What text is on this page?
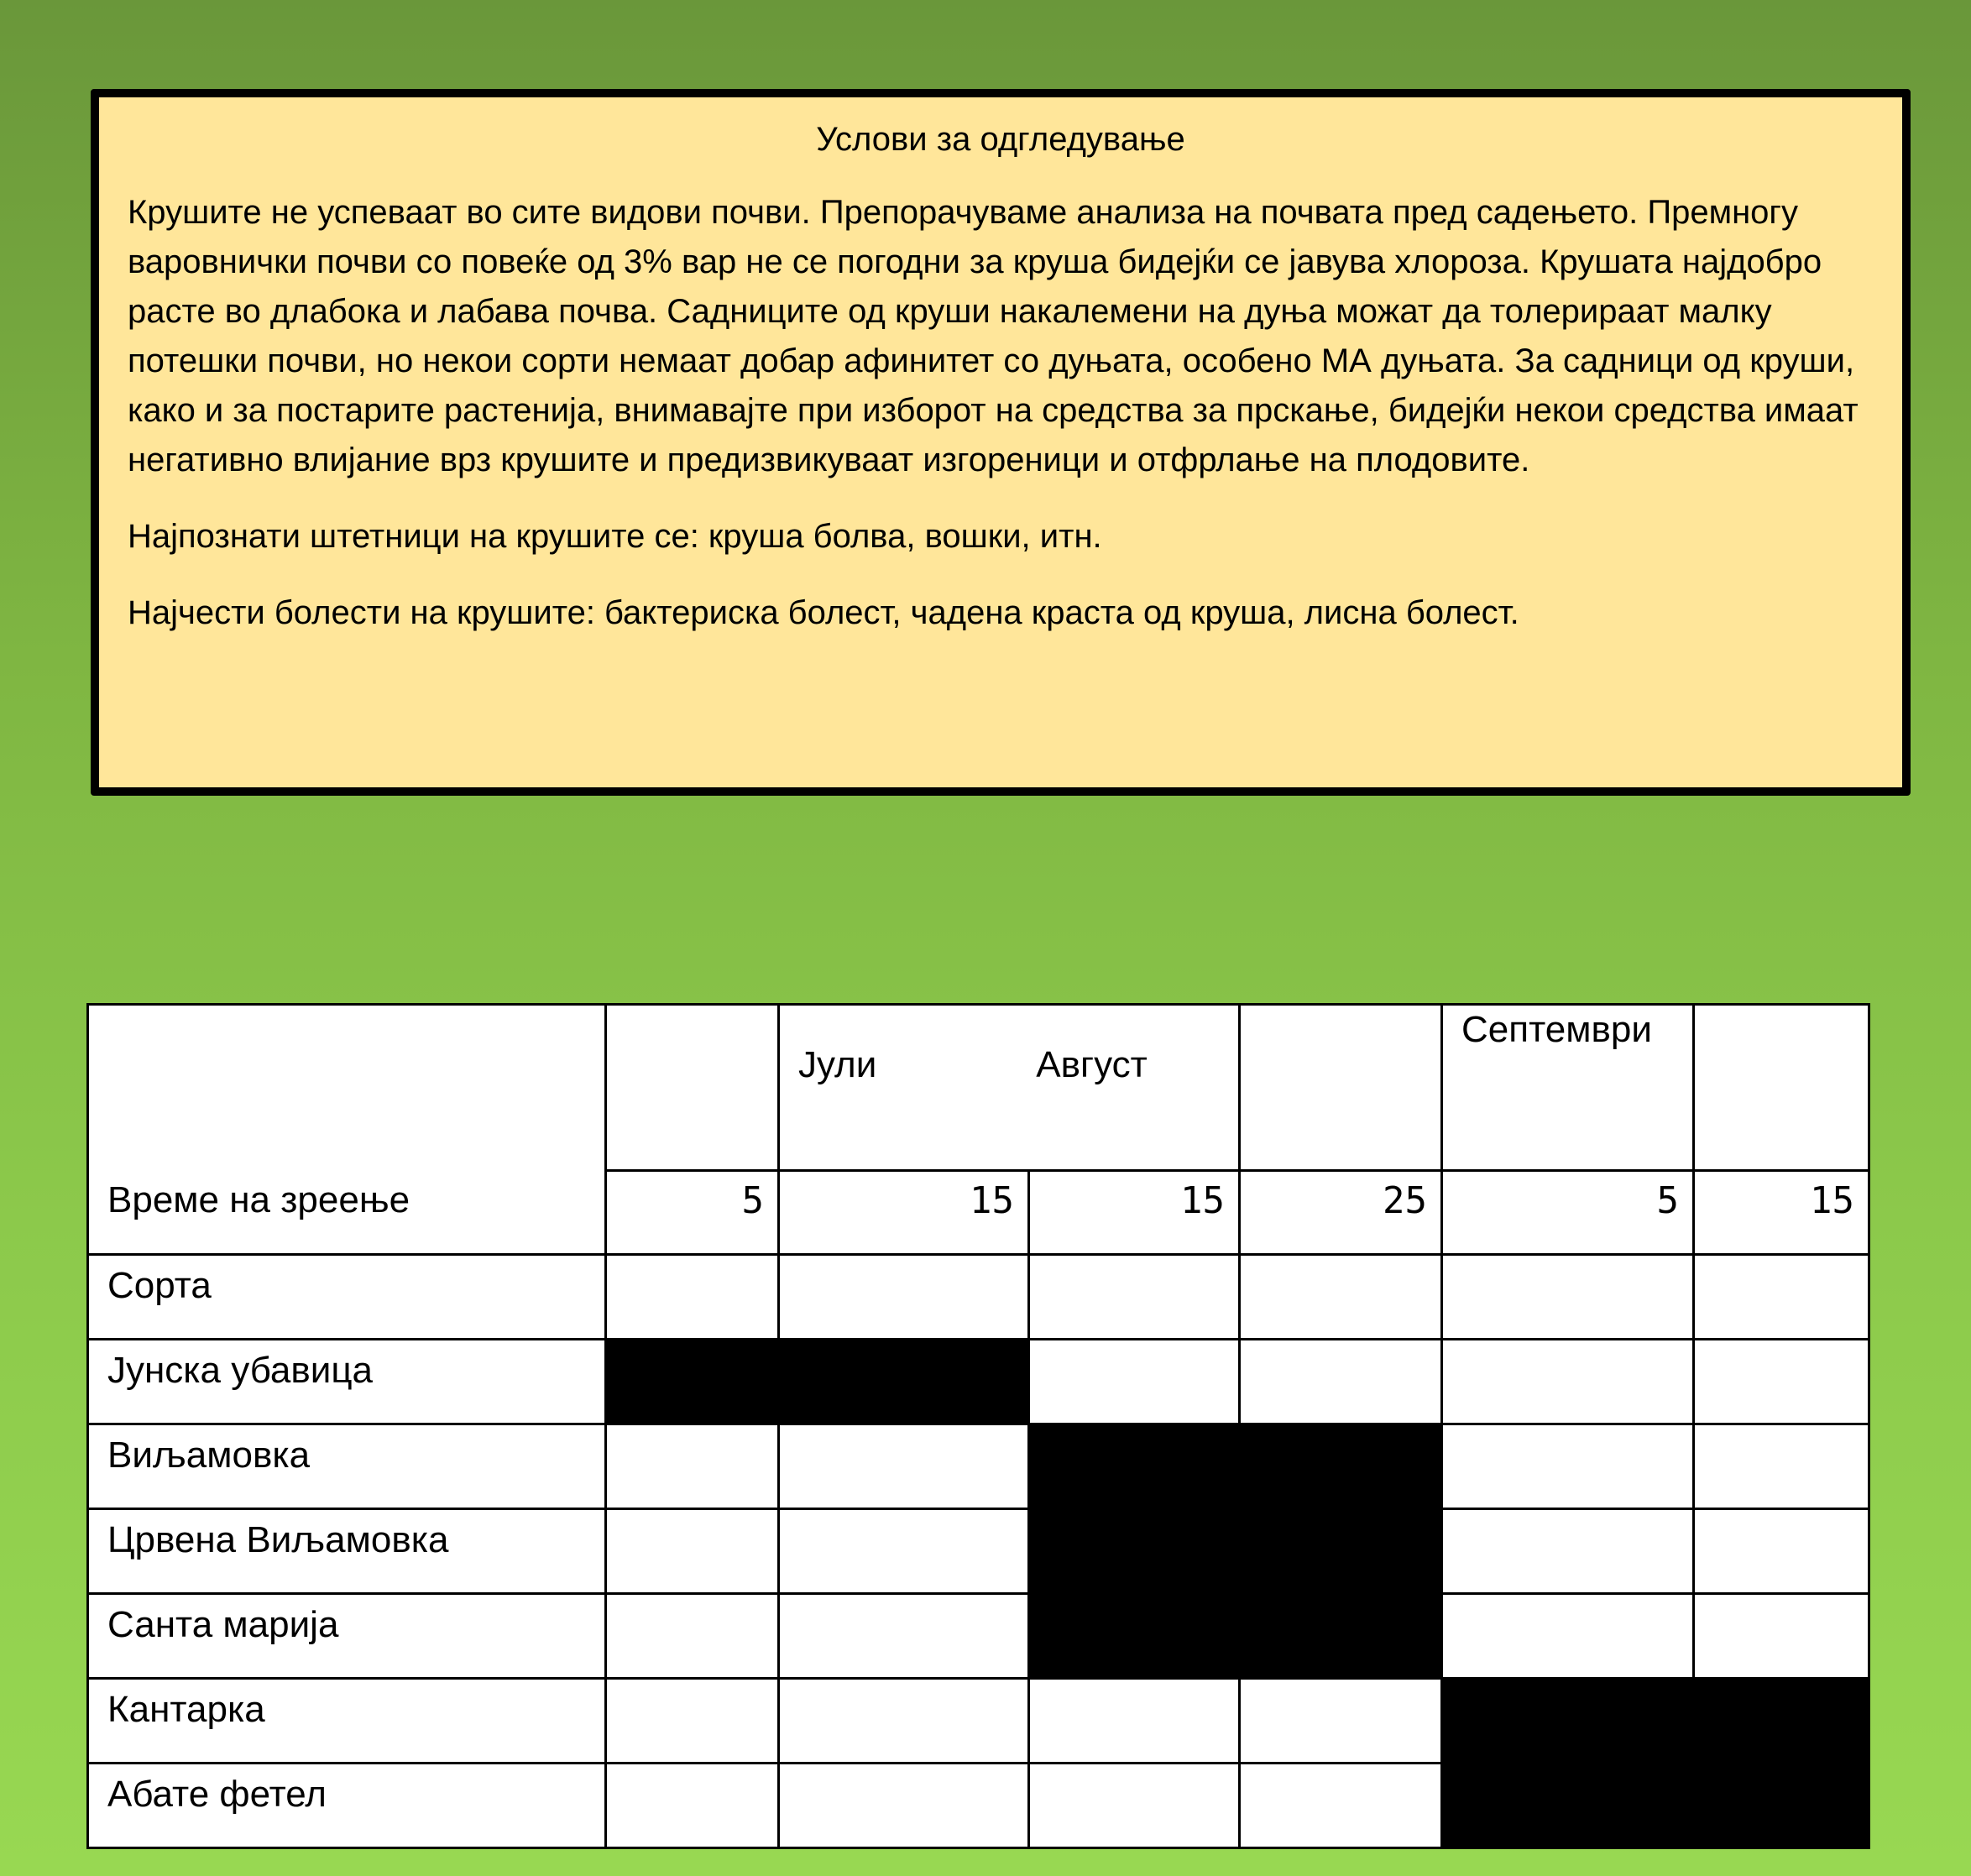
Услови за одгледување

Крушите не успеваат во сите видови почви. Препорачуваме анализа на почвата пред садењето. Премногу варовнички почви со повеќе од 3% вар не се погодни за круша бидејќи се јавува хлороза. Крушата најдобро расте во длабока и лабава почва. Садниците од круши накалемени на дуња можат да толерираат малку потешки почви, но некои сорти немаат добар афинитет со дуњата, особено МА дуњата. За садници од круши, како и за постарите растенија, внимавајте при изборот на средства за прскање, бидејќи некои средства имаат негативно влијание врз крушите и предизвикуваат изгореници и отфрлање на плодовите.

Најпознати штетници на крушите се: круша болва, вошки, итн.

Најчести болести на крушите: бактериска болест, чадена краста од круша, лисна болест.

Време на зреење		Јули Август			Септември	
	5	15	15	25	5	15
Сорта						
Јунска убавица						
Виљамовка						
Црвена Виљамовка						
Санта марија						
Кантарка						
Абате фетел						
